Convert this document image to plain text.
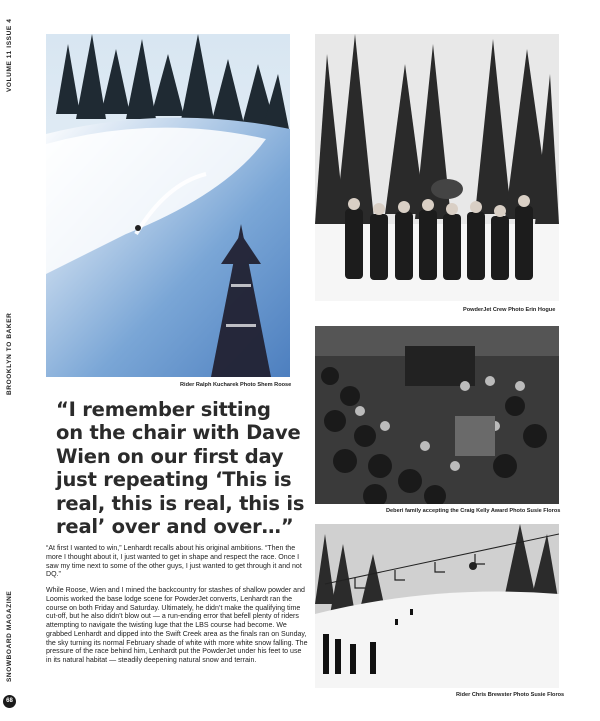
VOLUME 11 ISSUE 4
BROOKLYN TO BAKER
SNOWBOARD MAGAZINE
68
Rider Ralph Kucharek Photo Shem Roose
PowderJet Crew Photo Erin Hogue
Deberi family accepting the Craig Kelly Award Photo Susie Floros
Rider Chris Brewster Photo Susie Floros
“I remember sitting
on the chair with Dave
Wien on our first day
just repeating ‘This is
real, this is real, this is
real’ over and over…”

“At first I wanted to win,” Lenhardt recalls about his original ambitions. “Then the more I thought about it, I just wanted to get in shape and respect the race. Once I saw my time next to some of the other guys, I just wanted to get through it and not DQ.”

While Roose, Wien and I mined the backcountry for stashes of shallow powder and Loomis worked the base lodge scene for PowderJet converts, Lenhardt ran the course on both Friday and Saturday. Ultimately, he didn’t make the qualifying time cut-off, but he also didn’t blow out — a run-ending error that befell plenty of riders attempting to navigate the twisting luge that the LBS course had become. We grabbed Lenhardt and dipped into the Swift Creek area as the finals ran on Sunday, the sky turning its normal February shade of white with more white snow falling. The pressure of the race behind him, Lenhardt put the PowderJet under his feet to use in its natural habitat — steadily deepening natural snow and terrain.
